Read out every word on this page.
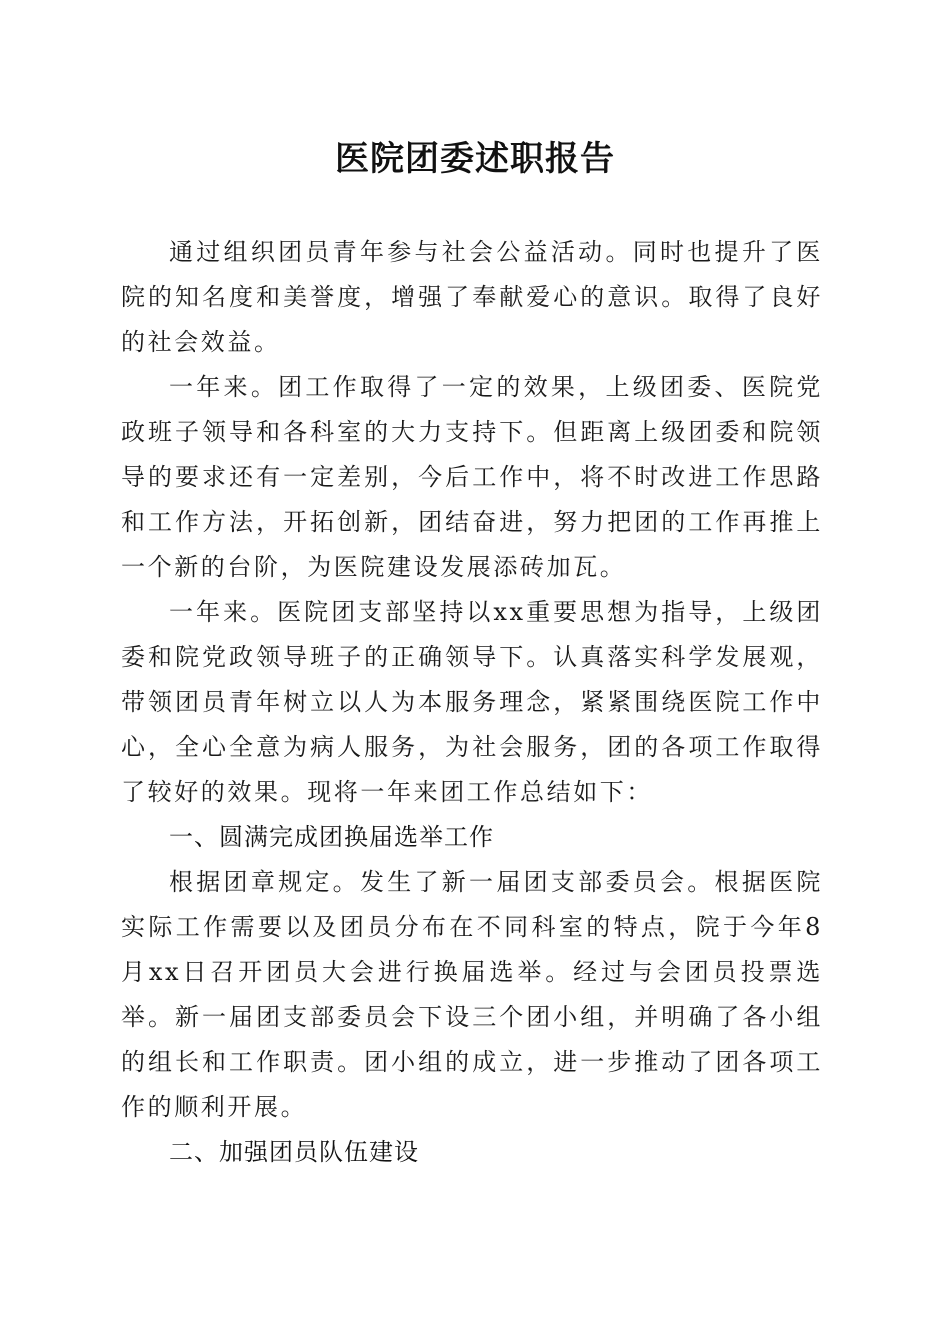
医院团委述职报告

通过组织团员青年参与社会公益活动。同时也提升了医院的知名度和美誉度，增强了奉献爱心的意识。取得了良好的社会效益。

一年来。团工作取得了一定的效果，上级团委、医院党政班子领导和各科室的大力支持下。但距离上级团委和院领导的要求还有一定差别，今后工作中，将不时改进工作思路和工作方法，开拓创新，团结奋进，努力把团的工作再推上一个新的台阶，为医院建设发展添砖加瓦。

一年来。医院团支部坚持以xx重要思想为指导，上级团委和院党政领导班子的正确领导下。认真落实科学发展观，带领团员青年树立以人为本服务理念，紧紧围绕医院工作中心，全心全意为病人服务，为社会服务，团的各项工作取得了较好的效果。现将一年来团工作总结如下：

一、圆满完成团换届选举工作

根据团章规定。发生了新一届团支部委员会。根据医院实际工作需要以及团员分布在不同科室的特点，院于今年8月xx日召开团员大会进行换届选举。经过与会团员投票选举。新一届团支部委员会下设三个团小组，并明确了各小组的组长和工作职责。团小组的成立，进一步推动了团各项工作的顺利开展。

二、加强团员队伍建设
